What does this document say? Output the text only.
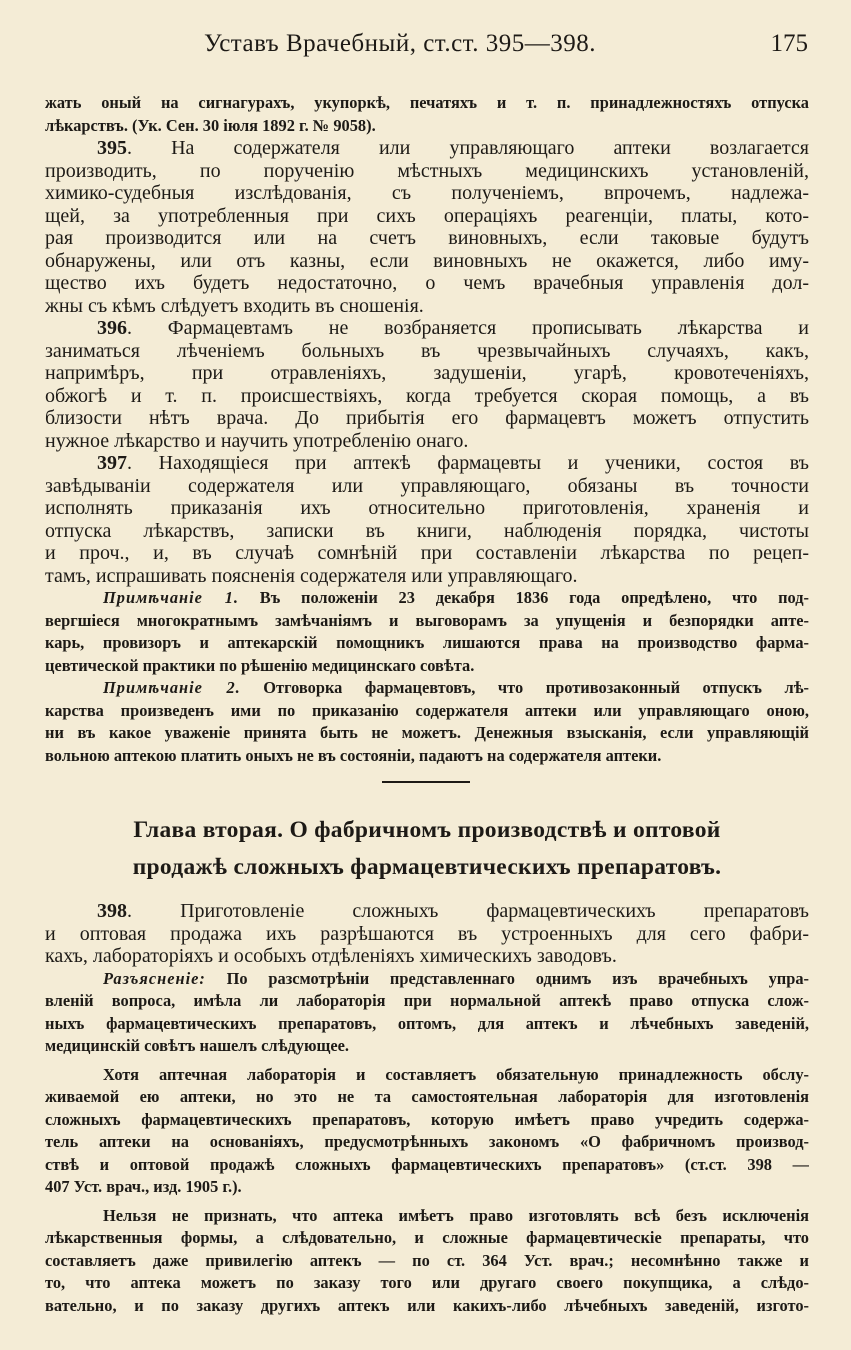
Уставъ Врачебный, ст.ст. 395—398.	175
жать оный на сигнагурахъ, укупоркѣ, печатяхъ и т. п. принадлежностяхъ отпуска
лѣкарствъ. (Ук. Сен. 30 іюля 1892 г. № 9058).
395. На содержателя или управляющаго аптеки возлагается
производить, по порученію мѣстныхъ медицинскихъ установленій,
химико-судебныя изслѣдованія, съ полученіемъ, впрочемъ, надлежа-
щей, за употребленныя при сихъ операціяхъ реагенціи, платы, кото-
рая производится или на счетъ виновныхъ, если таковые будутъ
обнаружены, или отъ казны, если виновныхъ не окажется, либо иму-
щество ихъ будетъ недостаточно, о чемъ врачебныя управленія дол-
жны съ кѣмъ слѣдуетъ входить въ сношенія.
396. Фармацевтамъ не возбраняется прописывать лѣкарства и
заниматься лѣченіемъ больныхъ въ чрезвычайныхъ случаяхъ, какъ,
напримѣръ, при отравленіяхъ, задушеніи, угарѣ, кровотеченіяхъ,
обжогѣ и т. п. происшествіяхъ, когда требуется скорая помощь, а въ
близости нѣтъ врача. До прибытія его фармацевтъ можетъ отпустить
нужное лѣкарство и научить употребленію онаго.
397. Находящіеся при аптекѣ фармацевты и ученики, состоя въ
завѣдываніи содержателя или управляющаго, обязаны въ точности
исполнять приказанія ихъ относительно приготовленія, храненія и
отпуска лѣкарствъ, записки въ книги, наблюденія порядка, чистоты
и проч., и, въ случаѣ сомнѣній при составленіи лѣкарства по рецеп-
тамъ, испрашивать поясненія содержателя или управляющаго.
Примѣчаніе 1. Въ положеніи 23 декабря 1836 года опредѣлено, что под-
вергшіеся многократнымъ замѣчаніямъ и выговорамъ за упущенія и безпорядки апте-
карь, провизоръ и аптекарскій помощникъ лишаются права на производство фарма-
цевтической практики по рѣшенію медицинскаго совѣта.
Примѣчаніе 2. Отговорка фармацевтовъ, что противозаконный отпускъ лѣ-
карства произведенъ ими по приказанію содержателя аптеки или управляющаго оною,
ни въ какое уваженіе принята быть не можетъ. Денежныя взысканія, если управляющій
вольною аптекою платить оныхъ не въ состояніи, падаютъ на содержателя аптеки.
Глава вторая. О фабричномъ производствѣ и оптовой
продажѣ сложныхъ фармацевтическихъ препаратовъ.
398. Приготовленіе сложныхъ фармацевтическихъ препаратовъ
и оптовая продажа ихъ разрѣшаются въ устроенныхъ для сего фабри-
кахъ, лабораторіяхъ и особыхъ отдѣленіяхъ химическихъ заводовъ.
Разъясненіе: По разсмотрѣніи представленнаго однимъ изъ врачебныхъ упра-
вленій вопроса, имѣла ли лабораторія при нормальной аптекѣ право отпуска слож-
ныхъ фармацевтическихъ препаратовъ, оптомъ, для аптекъ и лѣчебныхъ заведеній,
медицинскій совѣтъ нашелъ слѣдующее.
Хотя аптечная лабораторія и составляетъ обязательную принадлежность обслу-
живаемой ею аптеки, но это не та самостоятельная лабораторія для изготовленія
сложныхъ фармацевтическихъ препаратовъ, которую имѣетъ право учредить содержа-
тель аптеки на основаніяхъ, предусмотрѣнныхъ закономъ «О фабричномъ производ-
ствѣ и оптовой продажѣ сложныхъ фармацевтическихъ препаратовъ» (ст.ст. 398 —
407 Уст. врач., изд. 1905 г.).
Нельзя не признать, что аптека имѣетъ право изготовлять всѣ безъ исключенія
лѣкарственныя формы, а слѣдовательно, и сложные фармацевтическіе препараты, что
составляетъ даже привилегію аптекъ — по ст. 364 Уст. врач.; несомнѣнно также и
то, что аптека можетъ по заказу того или другаго своего покупщика, а слѣдо-
вательно, и по заказу другихъ аптекъ или какихъ-либо лѣчебныхъ заведеній, изгото-
